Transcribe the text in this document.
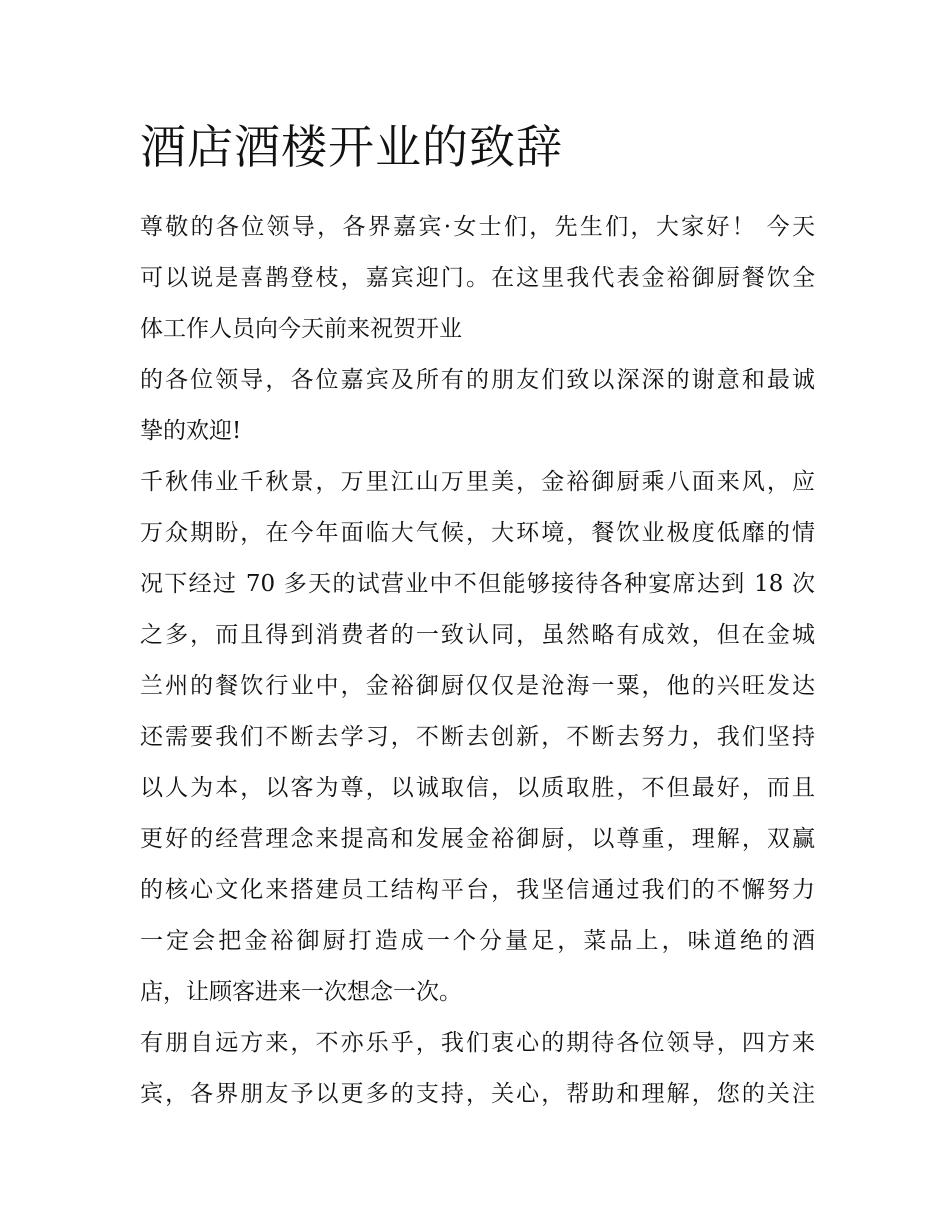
酒店酒楼开业的致辞
尊敬的各位领导，各界嘉宾·女士们，先生们，大家好！ 今天
可以说是喜鹊登枝，嘉宾迎门。在这里我代表金裕御厨餐饮全
体工作人员向今天前来祝贺开业
的各位领导，各位嘉宾及所有的朋友们致以深深的谢意和最诚
挚的欢迎!
千秋伟业千秋景，万里江山万里美，金裕御厨乘八面来风，应
万众期盼，在今年面临大气候，大环境，餐饮业极度低靡的情
况下经过 70 多天的试营业中不但能够接待各种宴席达到 18 次
之多，而且得到消费者的一致认同，虽然略有成效，但在金城
兰州的餐饮行业中，金裕御厨仅仅是沧海一粟，他的兴旺发达
还需要我们不断去学习，不断去创新，不断去努力，我们坚持
以人为本，以客为尊，以诚取信，以质取胜，不但最好，而且
更好的经营理念来提高和发展金裕御厨，以尊重，理解，双赢
的核心文化来搭建员工结构平台，我坚信通过我们的不懈努力
一定会把金裕御厨打造成一个分量足，菜品上，味道绝的酒
店，让顾客进来一次想念一次。
有朋自远方来，不亦乐乎，我们衷心的期待各位领导，四方来
宾，各界朋友予以更多的支持，关心，帮助和理解，您的关注
